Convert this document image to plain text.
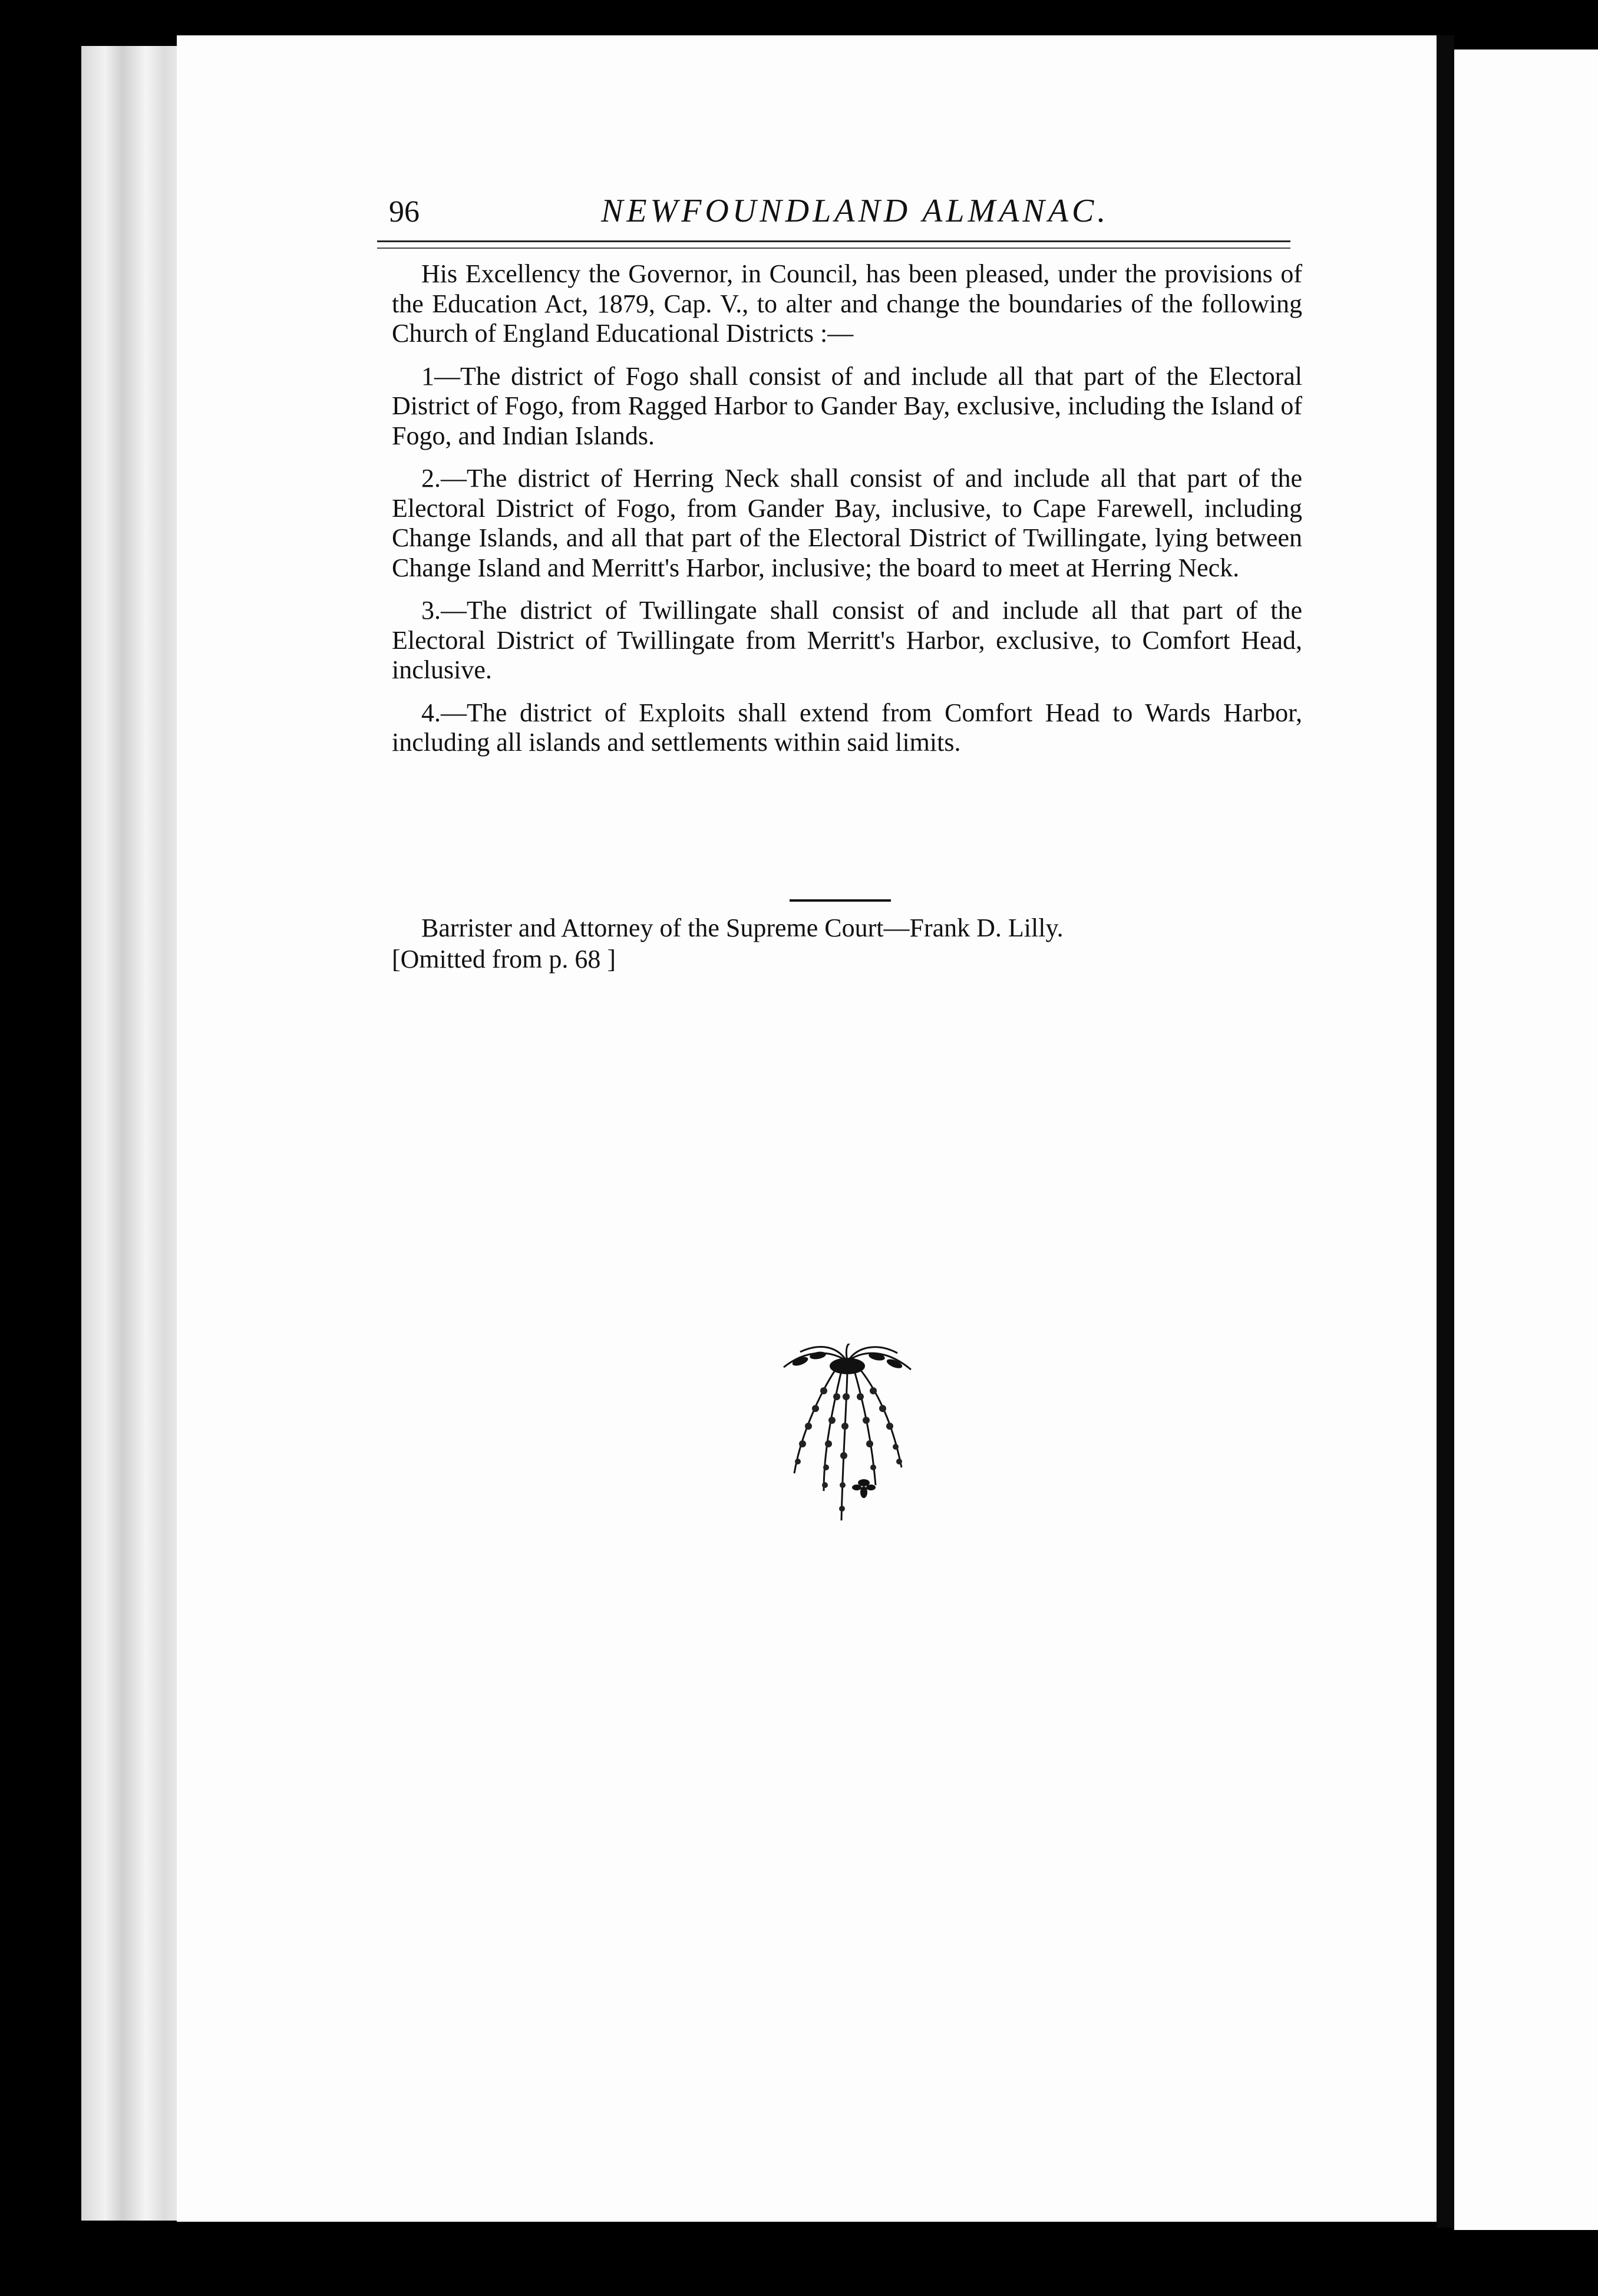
96	NEWFOUNDLAND ALMANAC.

His Excellency the Governor, in Council, has been pleased, under the provisions of the Education Act, 1879, Cap. V., to alter and change the boundaries of the following Church of England Educational Districts :—

1—The district of Fogo shall consist of and include all that part of the Electoral District of Fogo, from Ragged Harbor to Gander Bay, exclusive, including the Island of Fogo, and Indian Islands.

2.—The district of Herring Neck shall consist of and include all that part of the Electoral District of Fogo, from Gander Bay, inclusive, to Cape Farewell, including Change Islands, and all that part of the Electoral District of Twillingate, lying between Change Island and Merritt's Harbor, inclusive; the board to meet at Herring Neck.

3.—The district of Twillingate shall consist of and include all that part of the Electoral District of Twillingate from Merritt's Harbor, exclusive, to Comfort Head, inclusive.

4.—The district of Exploits shall extend from Comfort Head to Wards Harbor, including all islands and settlements within said limits.

Barrister and Attorney of the Supreme Court—Frank D. Lilly.
[Omitted from p. 68 ]
